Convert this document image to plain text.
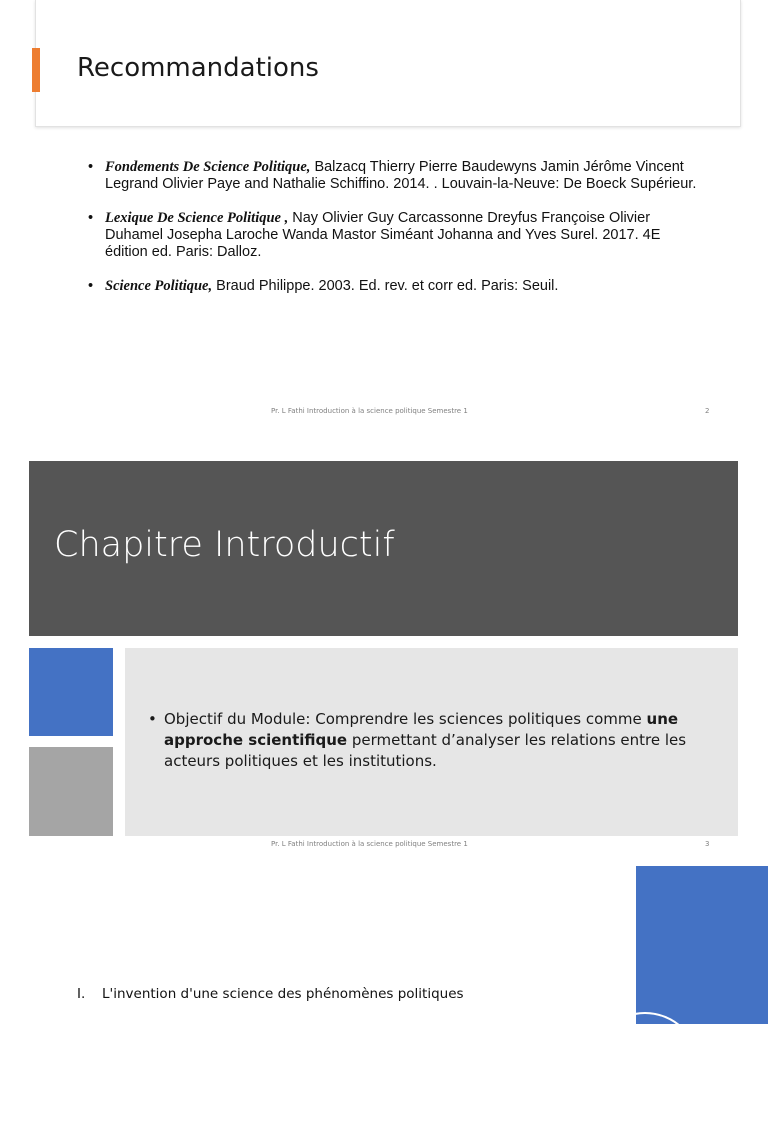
Recommandations
• Fondements De Science Politique, Balzacq Thierry Pierre Baudewyns Jamin Jérôme Vincent Legrand Olivier Paye and Nathalie Schiffino. 2014. . Louvain-la-Neuve: De Boeck Supérieur.
• Lexique De Science Politique , Nay Olivier Guy Carcassonne Dreyfus Françoise Olivier Duhamel Josepha Laroche Wanda Mastor Siméant Johanna and Yves Surel. 2017. 4E édition ed. Paris: Dalloz.
• Science Politique, Braud Philippe. 2003. Ed. rev. et corr ed. Paris: Seuil.
Pr. L Fathi Introduction à la science politique Semestre 1	2
Chapitre Introductif
• Objectif du Module: Comprendre les sciences politiques comme une approche scientifique permettant d’analyser les relations entre les acteurs politiques et les institutions.
Pr. L Fathi Introduction à la science politique Semestre 1	3
I. L'invention d'une science des phénomènes politiques
